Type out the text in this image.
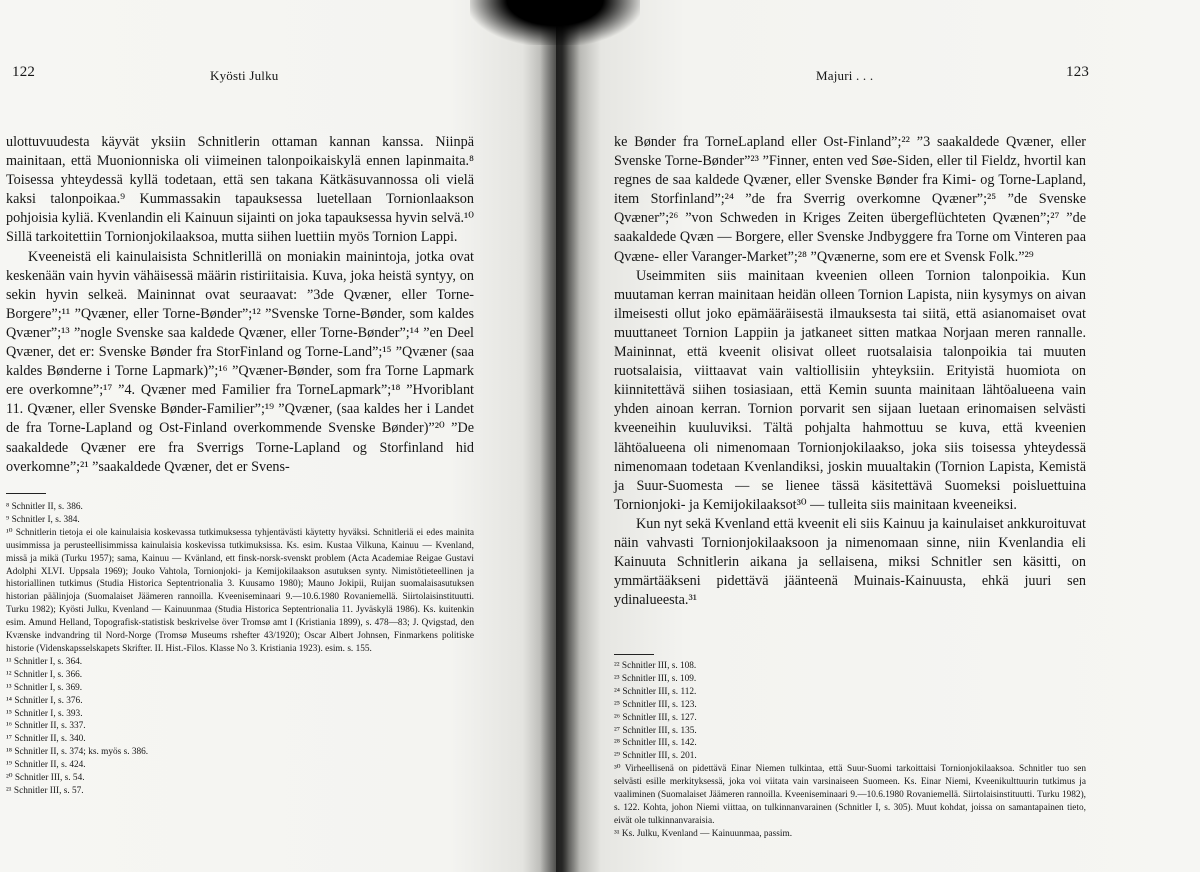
122	Kyösti Julku

ulottuvuudesta käyvät yksiin Schnitlerin ottaman kannan kanssa. Niinpä mainitaan, että Muonionniska oli viimeinen talonpoikaiskylä ennen lapinmaita.⁸ Toisessa yhteydessä kyllä todetaan, että sen takana Kätkäsuvannossa oli vielä kaksi talonpoikaa.⁹ Kummassakin tapauksessa luetellaan Tornionlaakson pohjoisia kyliä. Kvenlandin eli Kainuun sijainti on joka tapauksessa hyvin selvä.¹⁰ Sillä tarkoitettiin Tornionjokilaaksoa, mutta siihen luettiin myös Tornion Lappi.

Kveeneistä eli kainulaisista Schnitlerillä on moniakin mainintoja, jotka ovat keskenään vain hyvin vähäisessä määrin ristiriitaisia. Kuva, joka heistä syntyy, on sekin hyvin selkeä. Maininnat ovat seuraavat: ”3de Qvæner, eller Torne-Borgere”;¹¹ ”Qvæner, eller Torne-Bønder”;¹² ”Svenske Torne-Bønder, som kaldes Qvæner”;¹³ ”nogle Svenske saa kaldede Qvæner, eller Torne-Bønder”;¹⁴ ”en Deel Qvæner, det er: Svenske Bønder fra StorFinland og Torne-Land”;¹⁵ ”Qvæner (saa kaldes Bønderne i Torne Lapmark)”;¹⁶ ”Qvæner-Bønder, som fra Torne Lapmark ere overkomne”;¹⁷ ”4. Qvæner med Familier fra TorneLapmark”;¹⁸ ”Hvoriblant 11. Qvæner, eller Svenske Bønder-Familier”;¹⁹ ”Qvæner, (saa kaldes her i Landet de fra Torne-Lapland og Ost-Finland overkommende Svenske Bønder)”²⁰ ”De saakaldede Qvæner ere fra Sverrigs Torne-Lapland og Storfinland hid overkomne”;²¹ ”saakaldede Qvæner, det er Svens-

⁸ Schnitler II, s. 386.
⁹ Schnitler I, s. 384.
¹⁰ Schnitlerin tietoja ei ole kainulaisia koskevassa tutkimuksessa tyhjentävästi käytetty hyväksi. Schnitleriä ei edes mainita uusimmissa ja perusteellisimmissa kainulaisia koskevissa tutkimuksissa. Ks. esim. Kustaa Vilkuna, Kainuu — Kvenland, missä ja mikä (Turku 1957); sama, Kainuu — Kvänland, ett finsk-norsk-svenskt problem (Acta Academiae Reigae Gustavi Adolphi XLVI. Uppsala 1969); Jouko Vahtola, Tornionjoki- ja Kemijokilaakson asutuksen synty. Nimistötieteellinen ja historiallinen tutkimus (Studia Historica Septentrionalia 3. Kuusamo 1980); Mauno Jokipii, Ruijan suomalaisasutuksen historian päälinjoja (Suomalaiset Jäämeren rannoilla. Kveeniseminaari 9.—10.6.1980 Rovaniemellä. Siirtolaisinstituutti. Turku 1982); Kyösti Julku, Kvenland — Kainuunmaa (Studia Historica Septentrionalia 11. Jyväskylä 1986). Ks. kuitenkin esim. Amund Helland, Topografisk-statistisk beskrivelse över Tromsø amt I (Kristiania 1899), s. 478—83; J. Qvigstad, den Kvænske indvandring til Nord-Norge (Tromsø Museums rshefter 43/1920); Oscar Albert Johnsen, Finmarkens politiske historie (Videnskapsselskapets Skrifter. II. Hist.-Filos. Klasse No 3. Kristiania 1923). esim. s. 155.
¹¹ Schnitler I, s. 364.
¹² Schnitler I, s. 366.
¹³ Schnitler I, s. 369.
¹⁴ Schnitler I, s. 376.
¹⁵ Schnitler I, s. 393.
¹⁶ Schnitler II, s. 337.
¹⁷ Schnitler II, s. 340.
¹⁸ Schnitler II, s. 374; ks. myös s. 386.
¹⁹ Schnitler II, s. 424.
²⁰ Schnitler III, s. 54.
²¹ Schnitler III, s. 57.
Majuri . . .	123

ke Bønder fra TorneLapland eller Ost-Finland”;²² ”3 saakaldede Qvæner, eller Svenske Torne-Bønder”²³ ”Finner, enten ved Søe-Siden, eller til Fieldz, hvortil kan regnes de saa kaldede Qvæner, eller Svenske Bønder fra Kimi- og Torne-Lapland, item Storfinland”;²⁴ ”de fra Sverrig overkomne Qvæner”;²⁵ ”de Svenske Qvæner”;²⁶ ”von Schweden in Kriges Zeiten übergeflüchteten Qvænen”;²⁷ ”de saakaldede Qvæn — Borgere, eller Svenske Jndbyggere fra Torne om Vinteren paa Qvæne- eller Varanger-Market”;²⁸ ”Qvænerne, som ere et Svensk Folk.”²⁹

Useimmiten siis mainitaan kveenien olleen Tornion talonpoikia. Kun muutaman kerran mainitaan heidän olleen Tornion Lapista, niin kysymys on aivan ilmeisesti ollut joko epämääräisestä ilmauksesta tai siitä, että asianomaiset ovat muuttaneet Tornion Lappiin ja jatkaneet sitten matkaa Norjaan meren rannalle. Maininnat, että kveenit olisivat olleet ruotsalaisia talonpoikia tai muuten ruotsalaisia, viittaavat vain valtiollisiin yhteyksiin. Erityistä huomiota on kiinnitettävä siihen tosiasiaan, että Kemin suunta mainitaan lähtöalueena vain yhden ainoan kerran. Tornion porvarit sen sijaan luetaan erinomaisen selvästi kveeneihin kuuluviksi. Tältä pohjalta hahmottuu se kuva, että kveenien lähtöalueena oli nimenomaan Tornionjokilaakso, joka siis toisessa yhteydessä nimenomaan todetaan Kvenlandiksi, joskin muualtakin (Tornion Lapista, Kemistä ja Suur-Suomesta — se lienee tässä käsitettävä Suomeksi poisluettuina Tornionjoki- ja Kemijokilaaksot³⁰ — tulleita siis mainitaan kveeneiksi.

Kun nyt sekä Kvenland että kveenit eli siis Kainuu ja kainulaiset ankkuroituvat näin vahvasti Tornionjokilaaksoon ja nimenomaan sinne, niin Kvenlandia eli Kainuuta Schnitlerin aikana ja sellaisena, miksi Schnitler sen käsitti, on ymmärtääkseni pidettävä jäänteenä Muinais-Kainuusta, ehkä juuri sen ydinalueesta.³¹

²² Schnitler III, s. 108.
²³ Schnitler III, s. 109.
²⁴ Schnitler III, s. 112.
²⁵ Schnitler III, s. 123.
²⁶ Schnitler III, s. 127.
²⁷ Schnitler III, s. 135.
²⁸ Schnitler III, s. 142.
²⁹ Schnitler III, s. 201.
³⁰ Virheellisenä on pidettävä Einar Niemen tulkintaa, että Suur-Suomi tarkoittaisi Tornionjokilaaksoa. Schnitler tuo sen selvästi esille merkityksessä, joka voi viitata vain varsinaiseen Suomeen. Ks. Einar Niemi, Kveenikulttuurin tutkimus ja vaaliminen (Suomalaiset Jäämeren rannoilla. Kveeniseminaari 9.—10.6.1980 Rovaniemellä. Siirtolaisinstituutti. Turku 1982), s. 122. Kohta, johon Niemi viittaa, on tulkinnanvarainen (Schnitler I, s. 305). Muut kohdat, joissa on samantapainen tieto, eivät ole tulkinnanvaraisia.
³¹ Ks. Julku, Kvenland — Kainuunmaa, passim.
